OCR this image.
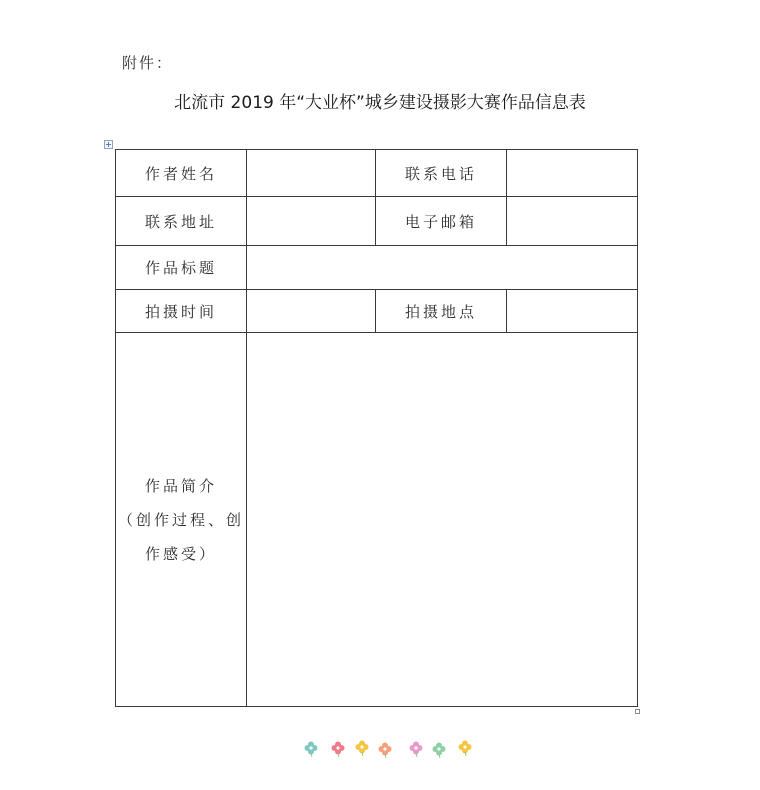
附件：
北流市 2019 年“大业杯”城乡建设摄影大赛作品信息表
作者姓名		联系电话	
联系地址		电子邮箱	
作品标题			
拍摄时间		拍摄地点	

作品简介
（创作过程、创
作感受）			
